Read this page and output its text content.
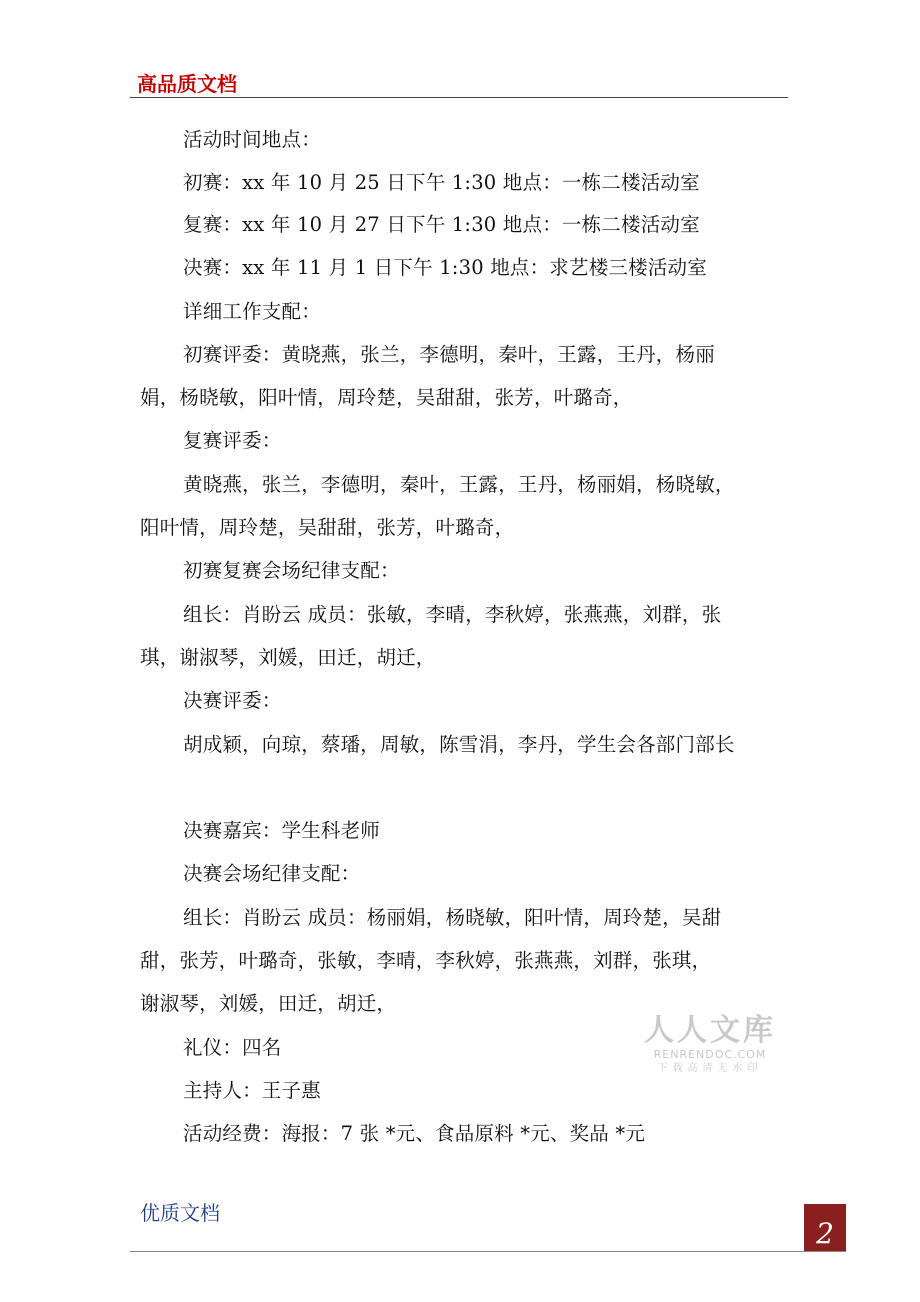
高品质文档
活动时间地点：
初赛：xx 年 10 月 25 日下午 1:30 地点：一栋二楼活动室
复赛：xx 年 10 月 27 日下午 1:30 地点：一栋二楼活动室
决赛：xx 年 11 月 1 日下午 1:30 地点：求艺楼三楼活动室
详细工作支配：
初赛评委：黄晓燕，张兰，李德明，秦叶，王露，王丹，杨丽
娟，杨晓敏，阳叶情，周玲楚，吴甜甜，张芳，叶璐奇，
复赛评委：
黄晓燕，张兰，李德明，秦叶，王露，王丹，杨丽娟，杨晓敏，
阳叶情，周玲楚，吴甜甜，张芳，叶璐奇，
初赛复赛会场纪律支配：
组长：肖盼云 成员：张敏，李晴，李秋婷，张燕燕，刘群，张
琪，谢淑琴，刘媛，田迁，胡迁，
决赛评委：
胡成颖，向琼，蔡璠，周敏，陈雪涓，李丹，学生会各部门部长
决赛嘉宾：学生科老师
决赛会场纪律支配：
组长：肖盼云 成员：杨丽娟，杨晓敏，阳叶情，周玲楚，吴甜
甜，张芳，叶璐奇，张敏，李晴，李秋婷，张燕燕，刘群，张琪，
谢淑琴，刘媛，田迁，胡迁，
礼仪：四名
主持人：王子惠
活动经费：海报：7 张 *元、食品原料 *元、奖品 *元
人人文库
RENRENDOC.COM
下载高清无水印
优质文档
2
